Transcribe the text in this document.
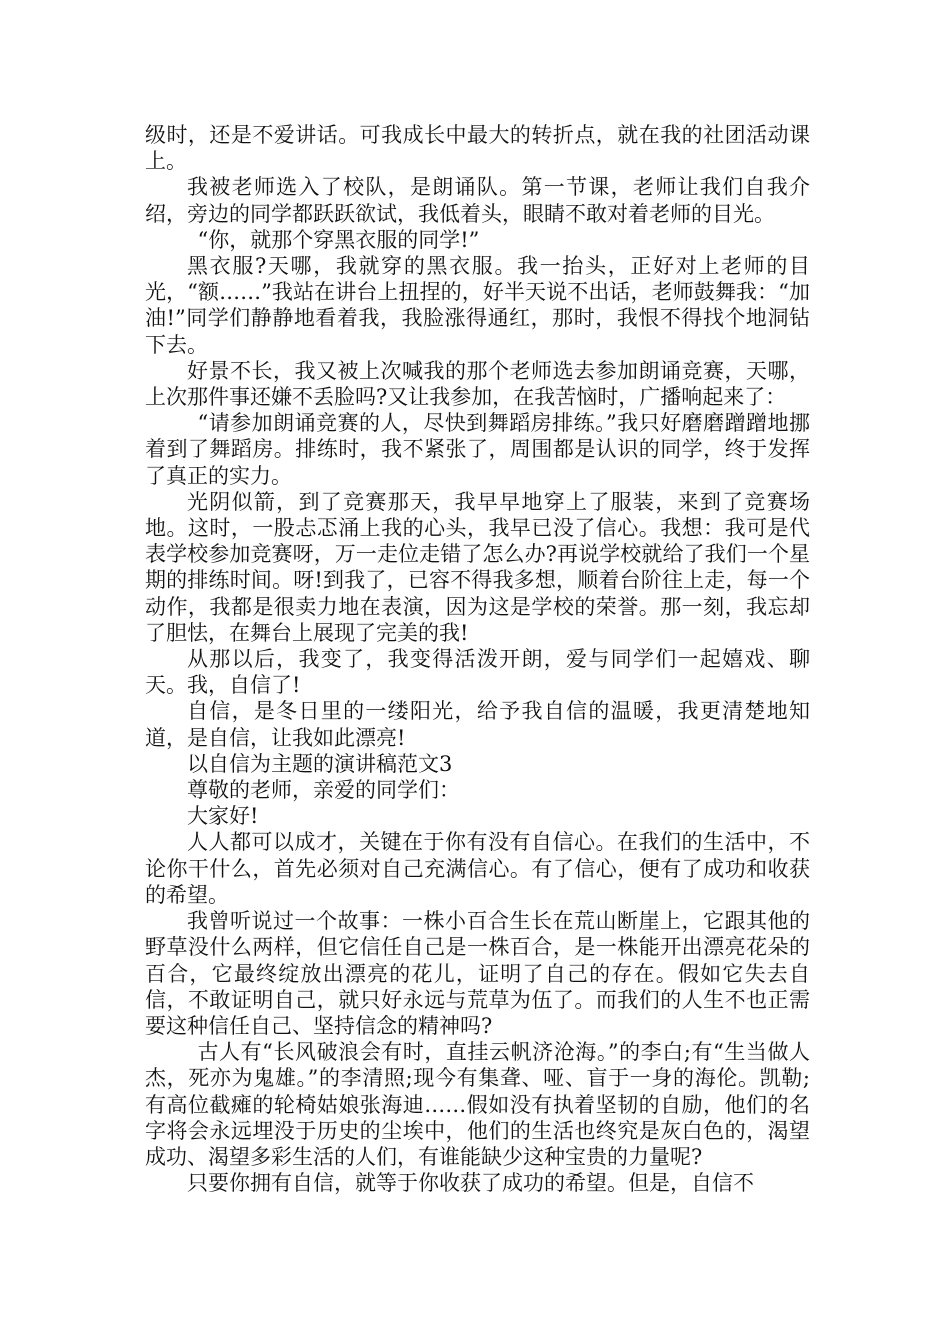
级时，还是不爱讲话。可我成长中最大的转折点，就在我的社团活动课上。

我被老师选入了校队，是朗诵队。第一节课，老师让我们自我介绍，旁边的同学都跃跃欲试，我低着头，眼睛不敢对着老师的目光。

“你，就那个穿黑衣服的同学!”

黑衣服?天哪，我就穿的黑衣服。我一抬头，正好对上老师的目光，“额……”我站在讲台上扭捏的，好半天说不出话，老师鼓舞我：“加油!”同学们静静地看着我，我脸涨得通红，那时，我恨不得找个地洞钻下去。

好景不长，我又被上次喊我的那个老师选去参加朗诵竞赛，天哪，上次那件事还嫌不丢脸吗?又让我参加，在我苦恼时，广播响起来了：

“请参加朗诵竞赛的人，尽快到舞蹈房排练。”我只好磨磨蹭蹭地挪着到了舞蹈房。排练时，我不紧张了，周围都是认识的同学，终于发挥了真正的实力。

光阴似箭，到了竞赛那天，我早早地穿上了服装，来到了竞赛场地。这时，一股忐忑涌上我的心头，我早已没了信心。我想：我可是代表学校参加竞赛呀，万一走位走错了怎么办?再说学校就给了我们一个星期的排练时间。呀!到我了，已容不得我多想，顺着台阶往上走，每一个动作，我都是很卖力地在表演，因为这是学校的荣誉。那一刻，我忘却了胆怯，在舞台上展现了完美的我!

从那以后，我变了，我变得活泼开朗，爱与同学们一起嬉戏、聊天。我，自信了!

自信，是冬日里的一缕阳光，给予我自信的温暖，我更清楚地知道，是自信，让我如此漂亮!

以自信为主题的演讲稿范文3

尊敬的老师，亲爱的同学们：

大家好!

人人都可以成才，关键在于你有没有自信心。在我们的生活中，不论你干什么，首先必须对自己充满信心。有了信心，便有了成功和收获的希望。

我曾听说过一个故事：一株小百合生长在荒山断崖上，它跟其他的野草没什么两样，但它信任自己是一株百合，是一株能开出漂亮花朵的百合，它最终绽放出漂亮的花儿，证明了自己的存在。假如它失去自信，不敢证明自己，就只好永远与荒草为伍了。而我们的人生不也正需要这种信任自己、坚持信念的精神吗?

古人有“长风破浪会有时，直挂云帆济沧海。”的李白;有“生当做人杰，死亦为鬼雄。”的李清照;现今有集聋、哑、盲于一身的海伦。凯勒;有高位截瘫的轮椅姑娘张海迪……假如没有执着坚韧的自励，他们的名字将会永远埋没于历史的尘埃中，他们的生活也终究是灰白色的，渴望成功、渴望多彩生活的人们，有谁能缺少这种宝贵的力量呢?

只要你拥有自信，就等于你收获了成功的希望。但是，自信不
